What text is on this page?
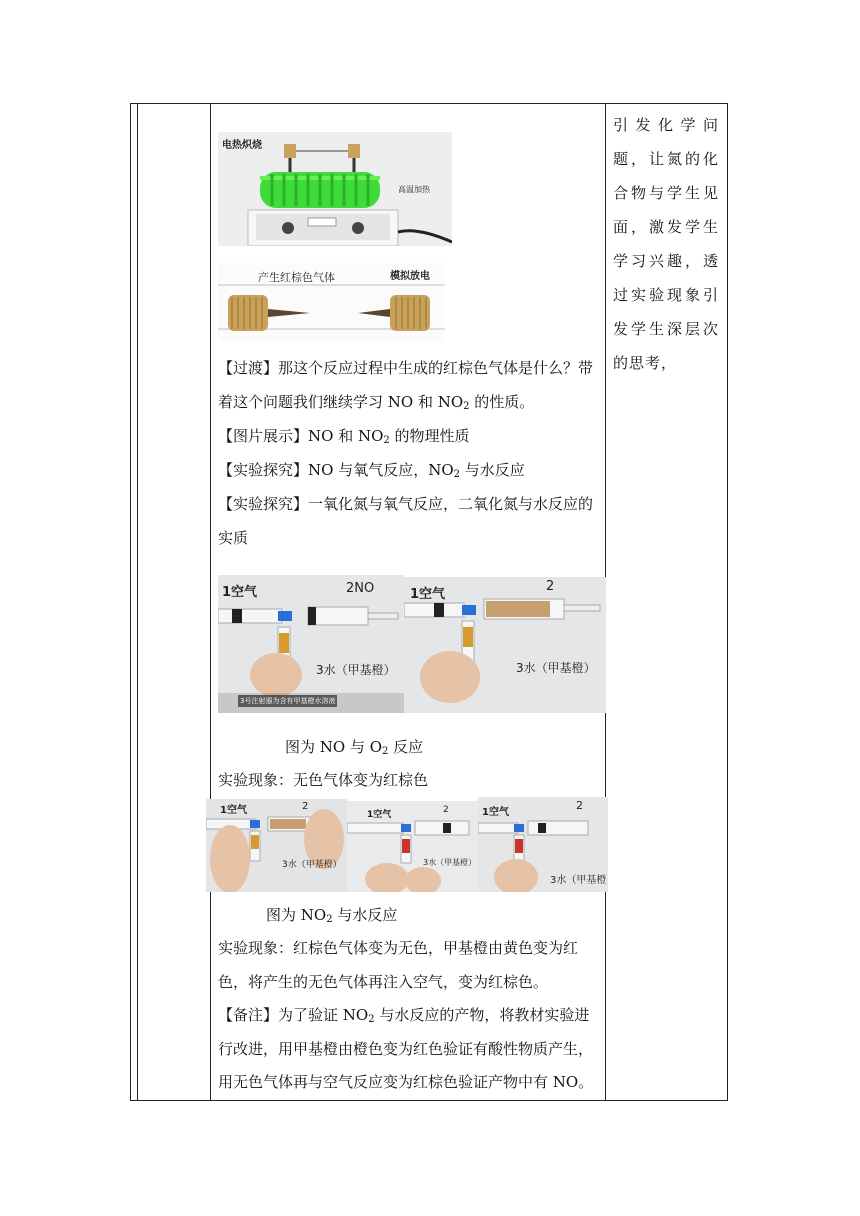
引发化学问题，让氮的化合物与学生见面，激发学生学习兴趣，透过实验现象引发学生深层次的思考，
电热炽烧
高温加热
产生红棕色气体	模拟放电
【过渡】那这个反应过程中生成的红棕色气体是什么？带着这个问题我们继续学习 NO 和 $NO_2$ 的性质。
【图片展示】NO 和 $NO_2$ 的物理性质
【实验探究】NO 与氧气反应，$NO_2$ 与水反应
【实验探究】一氧化氮与氧气反应，二氧化氮与水反应的实质
1空气	2NO
3水（甲基橙）
3号注射器为含有甲基橙水溶液
1空气
2
3水（甲基橙）
图为 NO 与 $O_2$ 反应
实验现象：无色气体变为红棕色
1空气	2
3水（甲基橙）
1空气	2
3水（甲基橙）
1空气
2
3水（甲基橙
图为 $NO_2$ 与水反应
实验现象：红棕色气体变为无色，甲基橙由黄色变为红色，将产生的无色气体再注入空气，变为红棕色。
【备注】为了验证 $NO_2$ 与水反应的产物，将教材实验进行改进，用甲基橙由橙色变为红色验证有酸性物质产生，用无色气体再与空气反应变为红棕色验证产物中有 NO。
